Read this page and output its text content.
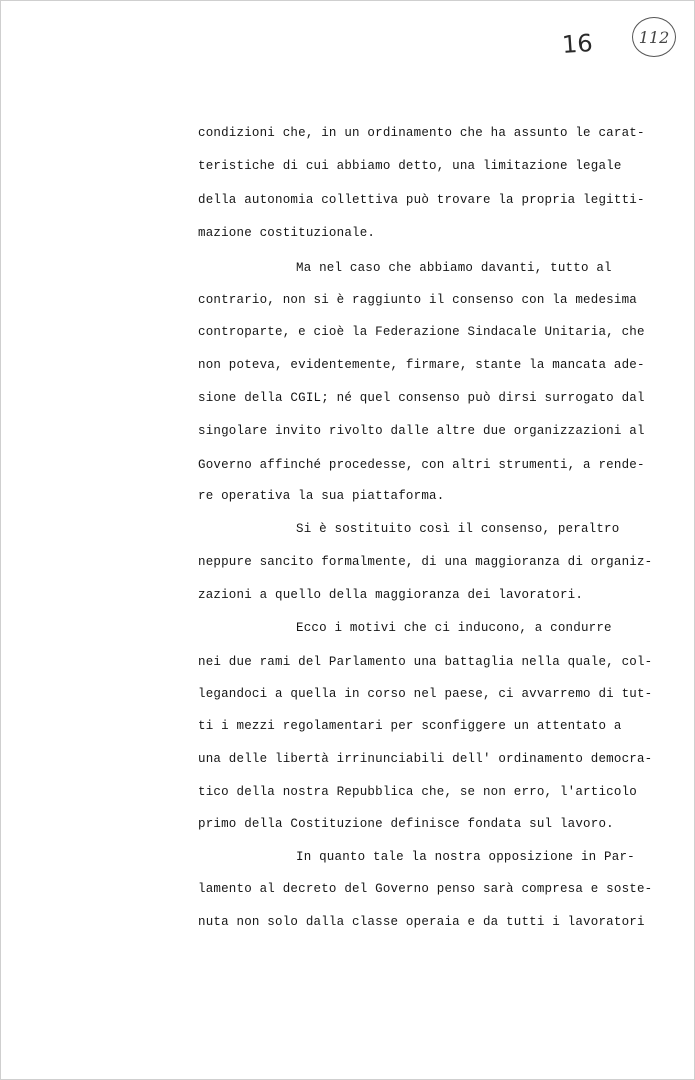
16	112
condizioni che, in un ordinamento che ha assunto le carat-
teristiche di cui abbiamo detto, una limitazione legale
della autonomia collettiva può trovare la propria legitti-
mazione costituzionale.
Ma nel caso che abbiamo davanti, tutto al
contrario, non si è raggiunto il consenso con la medesima
controparte, e cioè la Federazione Sindacale Unitaria, che
non poteva, evidentemente, firmare, stante la mancata ade-
sione della CGIL; né quel consenso può dirsi surrogato dal
singolare invito rivolto dalle altre due organizzazioni al
Governo affinché procedesse, con altri strumenti, a rende-
re operativa la sua piattaforma.
Si è sostituito così il consenso, peraltro
neppure sancito formalmente, di una maggioranza di organiz-
zazioni a quello della maggioranza dei lavoratori.
Ecco i motivi che ci inducono, a condurre
nei due rami del Parlamento una battaglia nella quale, col-
legandoci a quella in corso nel paese, ci avvarremo di tut-
ti i mezzi regolamentari per sconfiggere un attentato a
una delle libertà irrinunciabili dell' ordinamento democra-
tico della nostra Repubblica che, se non erro, l'articolo
primo della Costituzione definisce fondata sul lavoro.
In quanto tale la nostra opposizione in Par-
lamento al decreto del Governo penso sarà compresa e soste-
nuta non solo dalla classe operaia e da tutti i lavoratori
